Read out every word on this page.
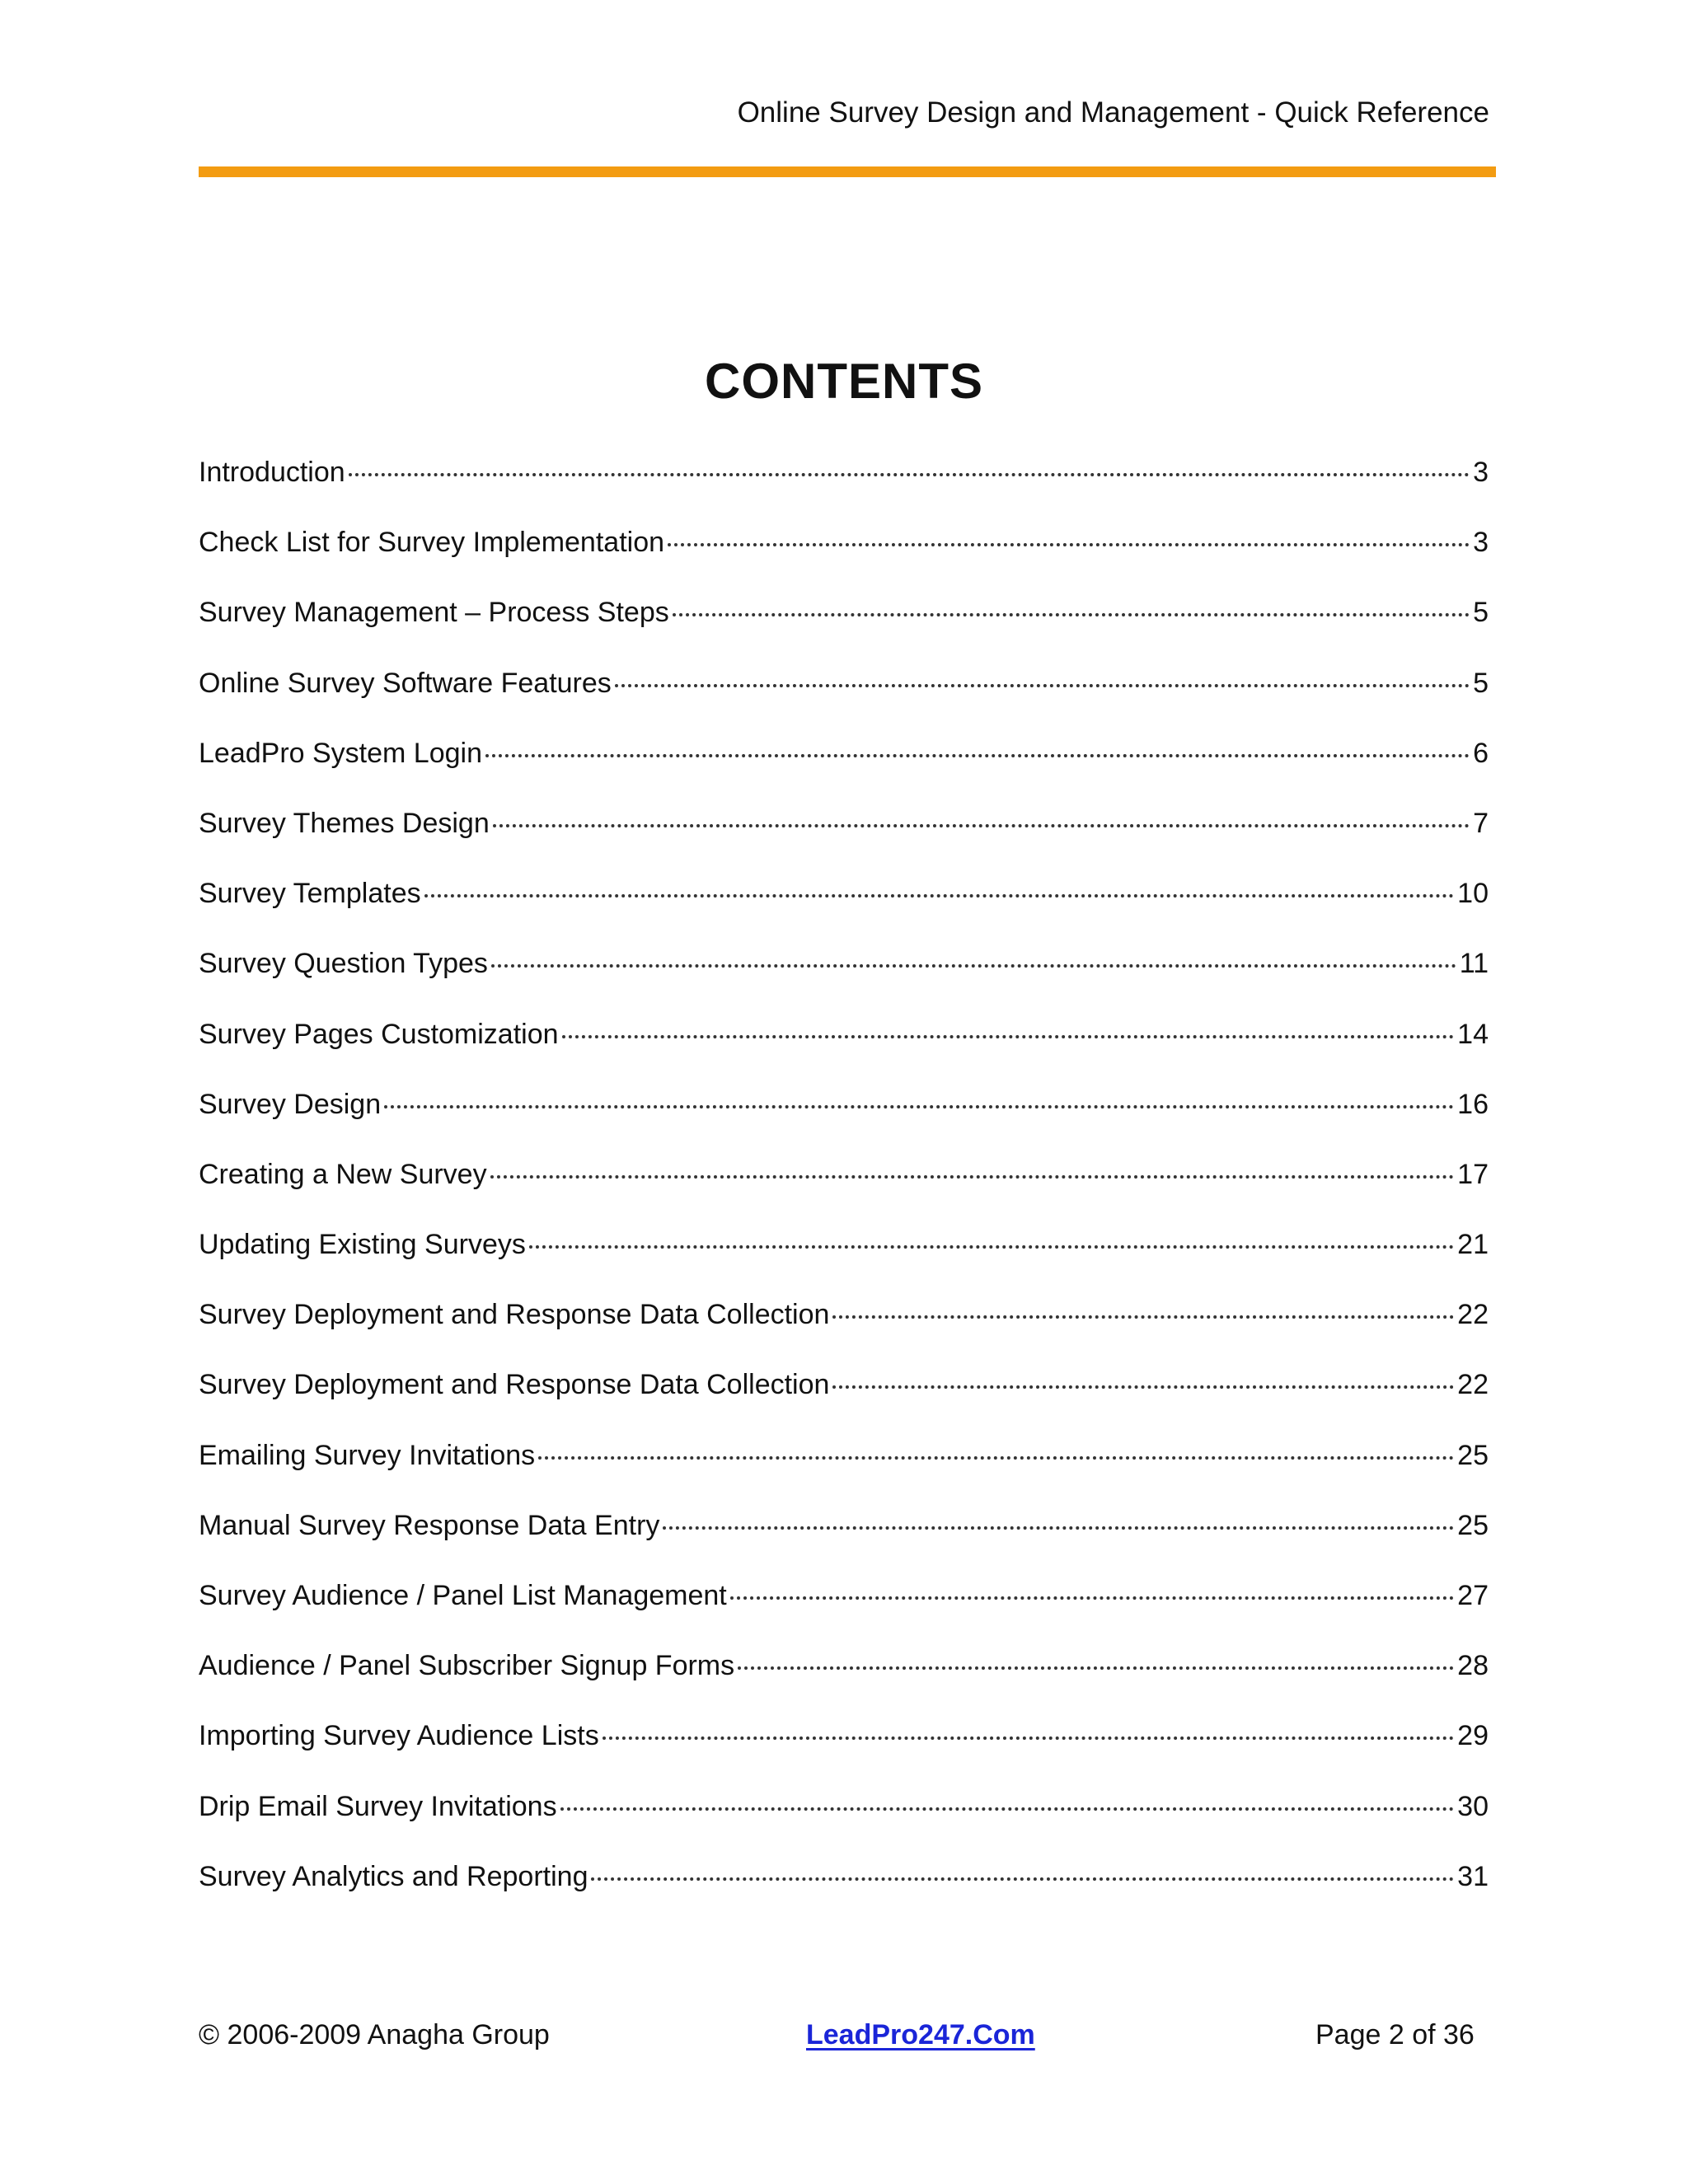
Online Survey Design and Management - Quick Reference
CONTENTS
Introduction	3
Check List for Survey Implementation	3
Survey Management – Process Steps	5
Online Survey Software Features	5
LeadPro System Login	6
Survey Themes Design	7
Survey Templates	10
Survey Question Types	11
Survey Pages Customization	14
Survey Design	16
Creating a New Survey	17
Updating Existing Surveys	21
Survey Deployment and Response Data Collection	22
Survey Deployment and Response Data Collection	22
Emailing Survey Invitations	25
Manual Survey Response Data Entry	25
Survey Audience / Panel List Management	27
Audience / Panel Subscriber Signup Forms	28
Importing Survey Audience Lists	29
Drip Email Survey Invitations	30
Survey Analytics and Reporting	31
© 2006-2009 Anagha Group	LeadPro247.Com	Page 2 of 36
